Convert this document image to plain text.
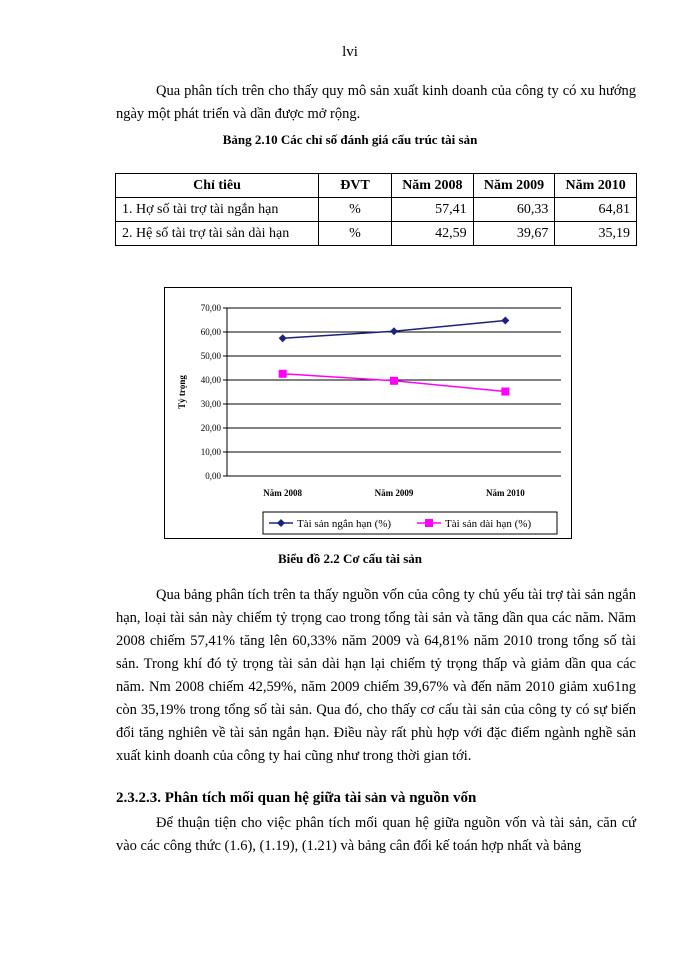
lvi

Qua phân tích trên cho thấy quy mô sản xuất kinh doanh của công ty có xu hướng ngày một phát triển và dần được mở rộng.

Bảng 2.10 Các chỉ số đánh giá cấu trúc tài sản
Chỉ tiêu	ĐVT	Năm 2008	Năm 2009	Năm 2010
1. Hợ số tài trợ tài ngắn hạn	%	57,41	60,33	64,81
2. Hệ số tài trợ tài sản dài hạn	%	42,59	39,67	35,19
0,00
10,00
20,00
30,00
40,00
50,00
60,00
70,00
Năm 2008	Năm 2009	Năm 2010
Tỷ trọng
Tài sản ngắn hạn (%)	Tài sản dài hạn (%)
Biểu đồ 2.2 Cơ cấu tài sản

Qua bảng phân tích trên ta thấy nguồn vốn của công ty chủ yếu tài trợ tài sản ngắn hạn, loại tài sản này chiếm tỷ trọng cao trong tổng tài sản và tăng dần qua các năm. Năm 2008 chiếm 57,41% tăng lên 60,33% năm 2009 và 64,81% năm 2010 trong tổng số tài sản. Trong khí đó tỷ trọng tài sản dài hạn lại chiếm tỷ trọng thấp và giảm dần qua các năm. Nm 2008 chiếm 42,59%, năm 2009 chiếm 39,67% và đến năm 2010 giảm xu61ng còn 35,19% trong tổng số tài sản. Qua đó, cho thấy cơ cấu tài sản của công ty có sự biến đổi tăng nghiên về tài sản ngắn hạn. Điều này rất phù hợp với đặc điểm ngành nghề sản xuất kinh doanh của công ty hai cũng như trong thời gian tới.

2.3.2.3. Phân tích mối quan hệ giữa tài sản và nguồn vốn

Để thuận tiện cho việc phân tích mối quan hệ giữa nguồn vốn và tài sản, căn cứ vào các công thức (1.6), (1.19), (1.21) và bảng cân đối kế toán hợp nhất và bảng
